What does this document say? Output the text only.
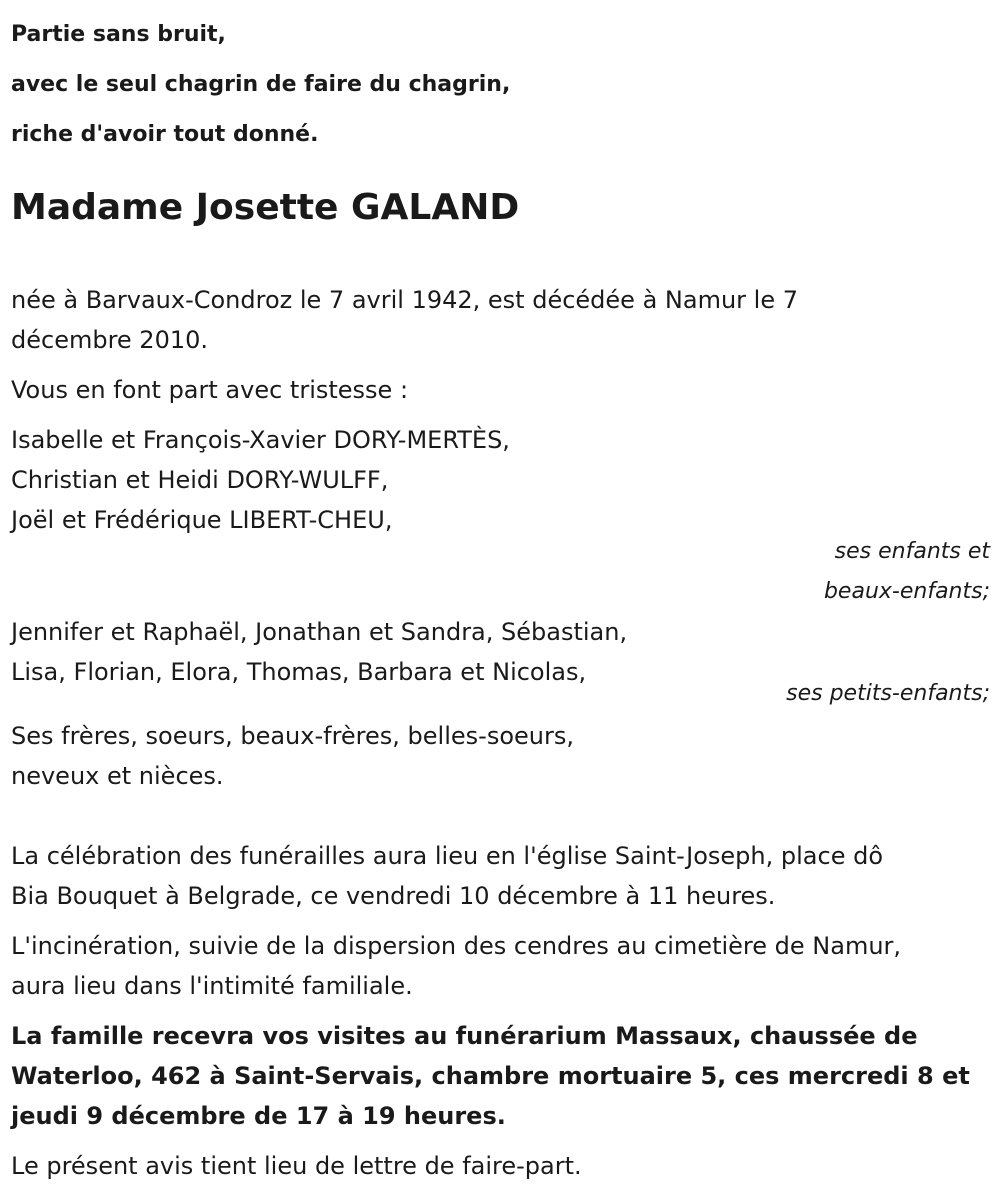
Partie sans bruit,
avec le seul chagrin de faire du chagrin,
riche d'avoir tout donné.
Madame Josette GALAND

née à Barvaux-Condroz le 7 avril 1942, est décédée à Namur le 7 décembre 2010.

Vous en font part avec tristesse :

Isabelle et François-Xavier DORY-MERTÈS,
Christian et Heidi DORY-WULFF,
Joël et Frédérique LIBERT-CHEU,
ses enfants et
beaux-enfants;
Jennifer et Raphaël, Jonathan et Sandra, Sébastian,
Lisa, Florian, Elora, Thomas, Barbara et Nicolas,
ses petits-enfants;
Ses frères, soeurs, beaux-frères, belles-soeurs,
neveux et nièces.
La célébration des funérailles aura lieu en l'église Saint-Joseph, place dô
Bia Bouquet à Belgrade, ce vendredi 10 décembre à 11 heures.
L'incinération, suivie de la dispersion des cendres au cimetière de Namur,
aura lieu dans l'intimité familiale.
La famille recevra vos visites au funérarium Massaux, chaussée de
Waterloo, 462 à Saint-Servais, chambre mortuaire 5, ces mercredi 8 et
jeudi 9 décembre de 17 à 19 heures.

Le présent avis tient lieu de lettre de faire-part.
